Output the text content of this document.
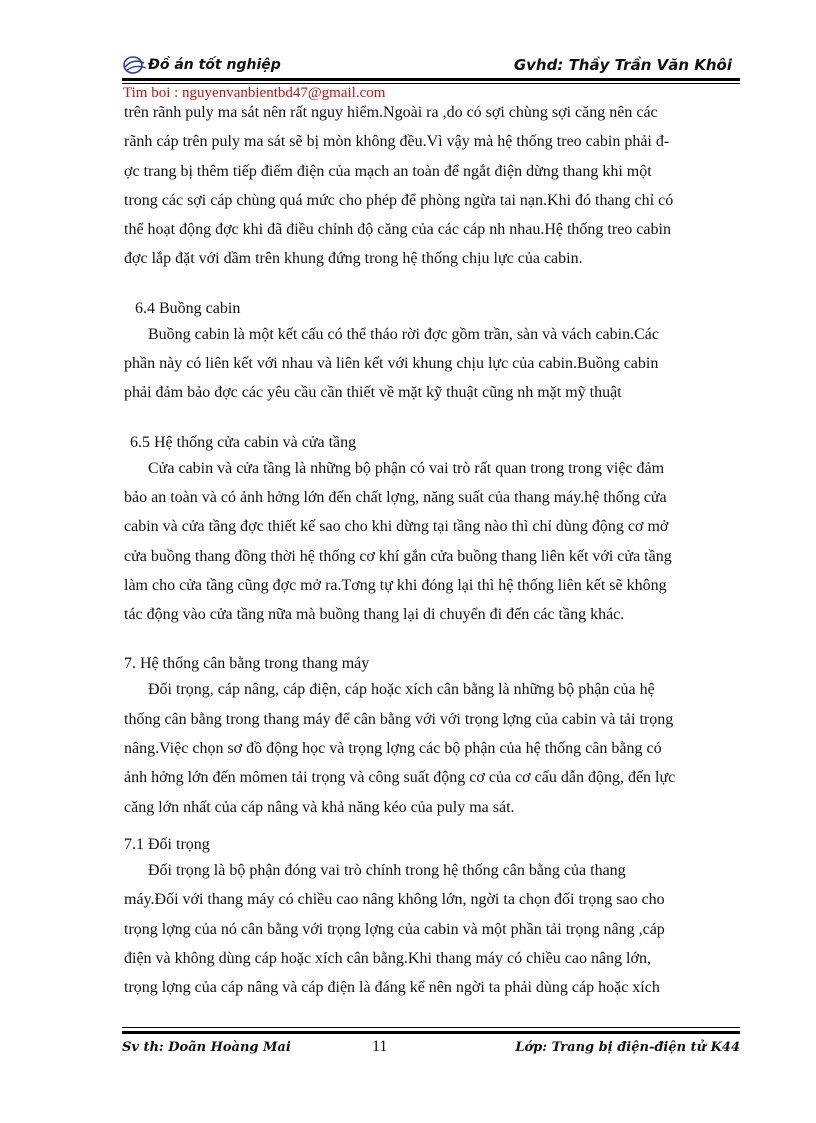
Đồ án tốt nghiệp	Gvhd: Thầy Trần Văn Khôi
Tim boi : nguyenvanbientbd47@gmail.com

trên rãnh puly ma sát nên rất nguy hiểm.Ngoài ra ,do có sợi chùng sợi căng nên các

rãnh cáp trên puly ma sát sẽ bị mòn không đều.Vì vậy mà hệ thống treo cabin phải đ-

ợc trang bị thêm tiếp điểm điện của mạch an toàn để ngắt điện dừng thang khi một

trong các sợi cáp chùng quá mức cho phép để phòng ngừa tai nạn.Khi đó thang chỉ có

thể hoạt động đợc khi đã điều chỉnh độ căng của các cáp nh nhau.Hệ thống treo cabin

đợc lắp đặt với dầm trên khung đứng trong hệ thống chịu lực của cabin.

6.4 Buồng cabin

Buồng cabin là một kết cấu có thể tháo rời đợc gồm trần, sàn và vách cabin.Các

phần này có liên kết với nhau và liên kết với khung chịu lực của cabin.Buồng cabin

phải đảm bảo đợc các yêu cầu cần thiết về mặt kỹ thuật cũng nh mặt mỹ thuật

6.5 Hệ thống cửa cabin và cửa tầng

Cửa cabin và cửa tầng là những bộ phận có vai trò rất quan trong trong việc đảm

bảo an toàn và có ảnh hởng lớn đến chất lợng, năng suất của thang máy.hệ thống cửa

cabin và cửa tầng đợc thiết kế sao cho khi dừng tại tầng nào thì chỉ dùng động cơ mở

cửa buồng thang đồng thời hệ thống cơ khí gắn cửa buồng thang liên kết với cửa tầng

làm cho cửa tầng cũng đợc mở ra.Tơng tự khi đóng lại thì hệ thống liên kết sẽ không

tác động vào cửa tầng nữa mà buồng thang lại di chuyển đi đến các tầng khác.

7. Hệ thống cân bằng trong thang máy

Đối trọng, cáp nâng, cáp điện, cáp hoặc xích cân bằng là những bộ phận của hệ

thống cân bằng trong thang máy để cân bằng với với trọng lợng của cabin và tải trọng

nâng.Việc chọn sơ đồ động học và trọng lợng các bộ phận của hệ thống cân bằng có

ảnh hởng lớn đến mômen tải trọng và công suất động cơ của cơ cấu dẫn động, đến lực

căng lớn nhất của cáp nâng và khả năng kéo của puly ma sát.

7.1 Đối trọng

Đối trọng là bộ phận đóng vai trò chính trong hệ thống cân bằng của thang

máy.Đối với thang máy có chiều cao nâng không lớn, ngời ta chọn đối trọng sao cho

trọng lợng của nó cân bằng với trọng lợng của cabin và một phần tải trọng nâng ,cáp

điện và không dùng cáp hoặc xích cân bằng.Khi thang máy có chiều cao nâng lớn,

trọng lợng của cáp nâng và cáp điện là đáng kể nên ngời ta phải dùng cáp hoặc xích

Sv th: Doãn Hoàng Mai	11	Lớp: Trang bị điện-điện tử K44
